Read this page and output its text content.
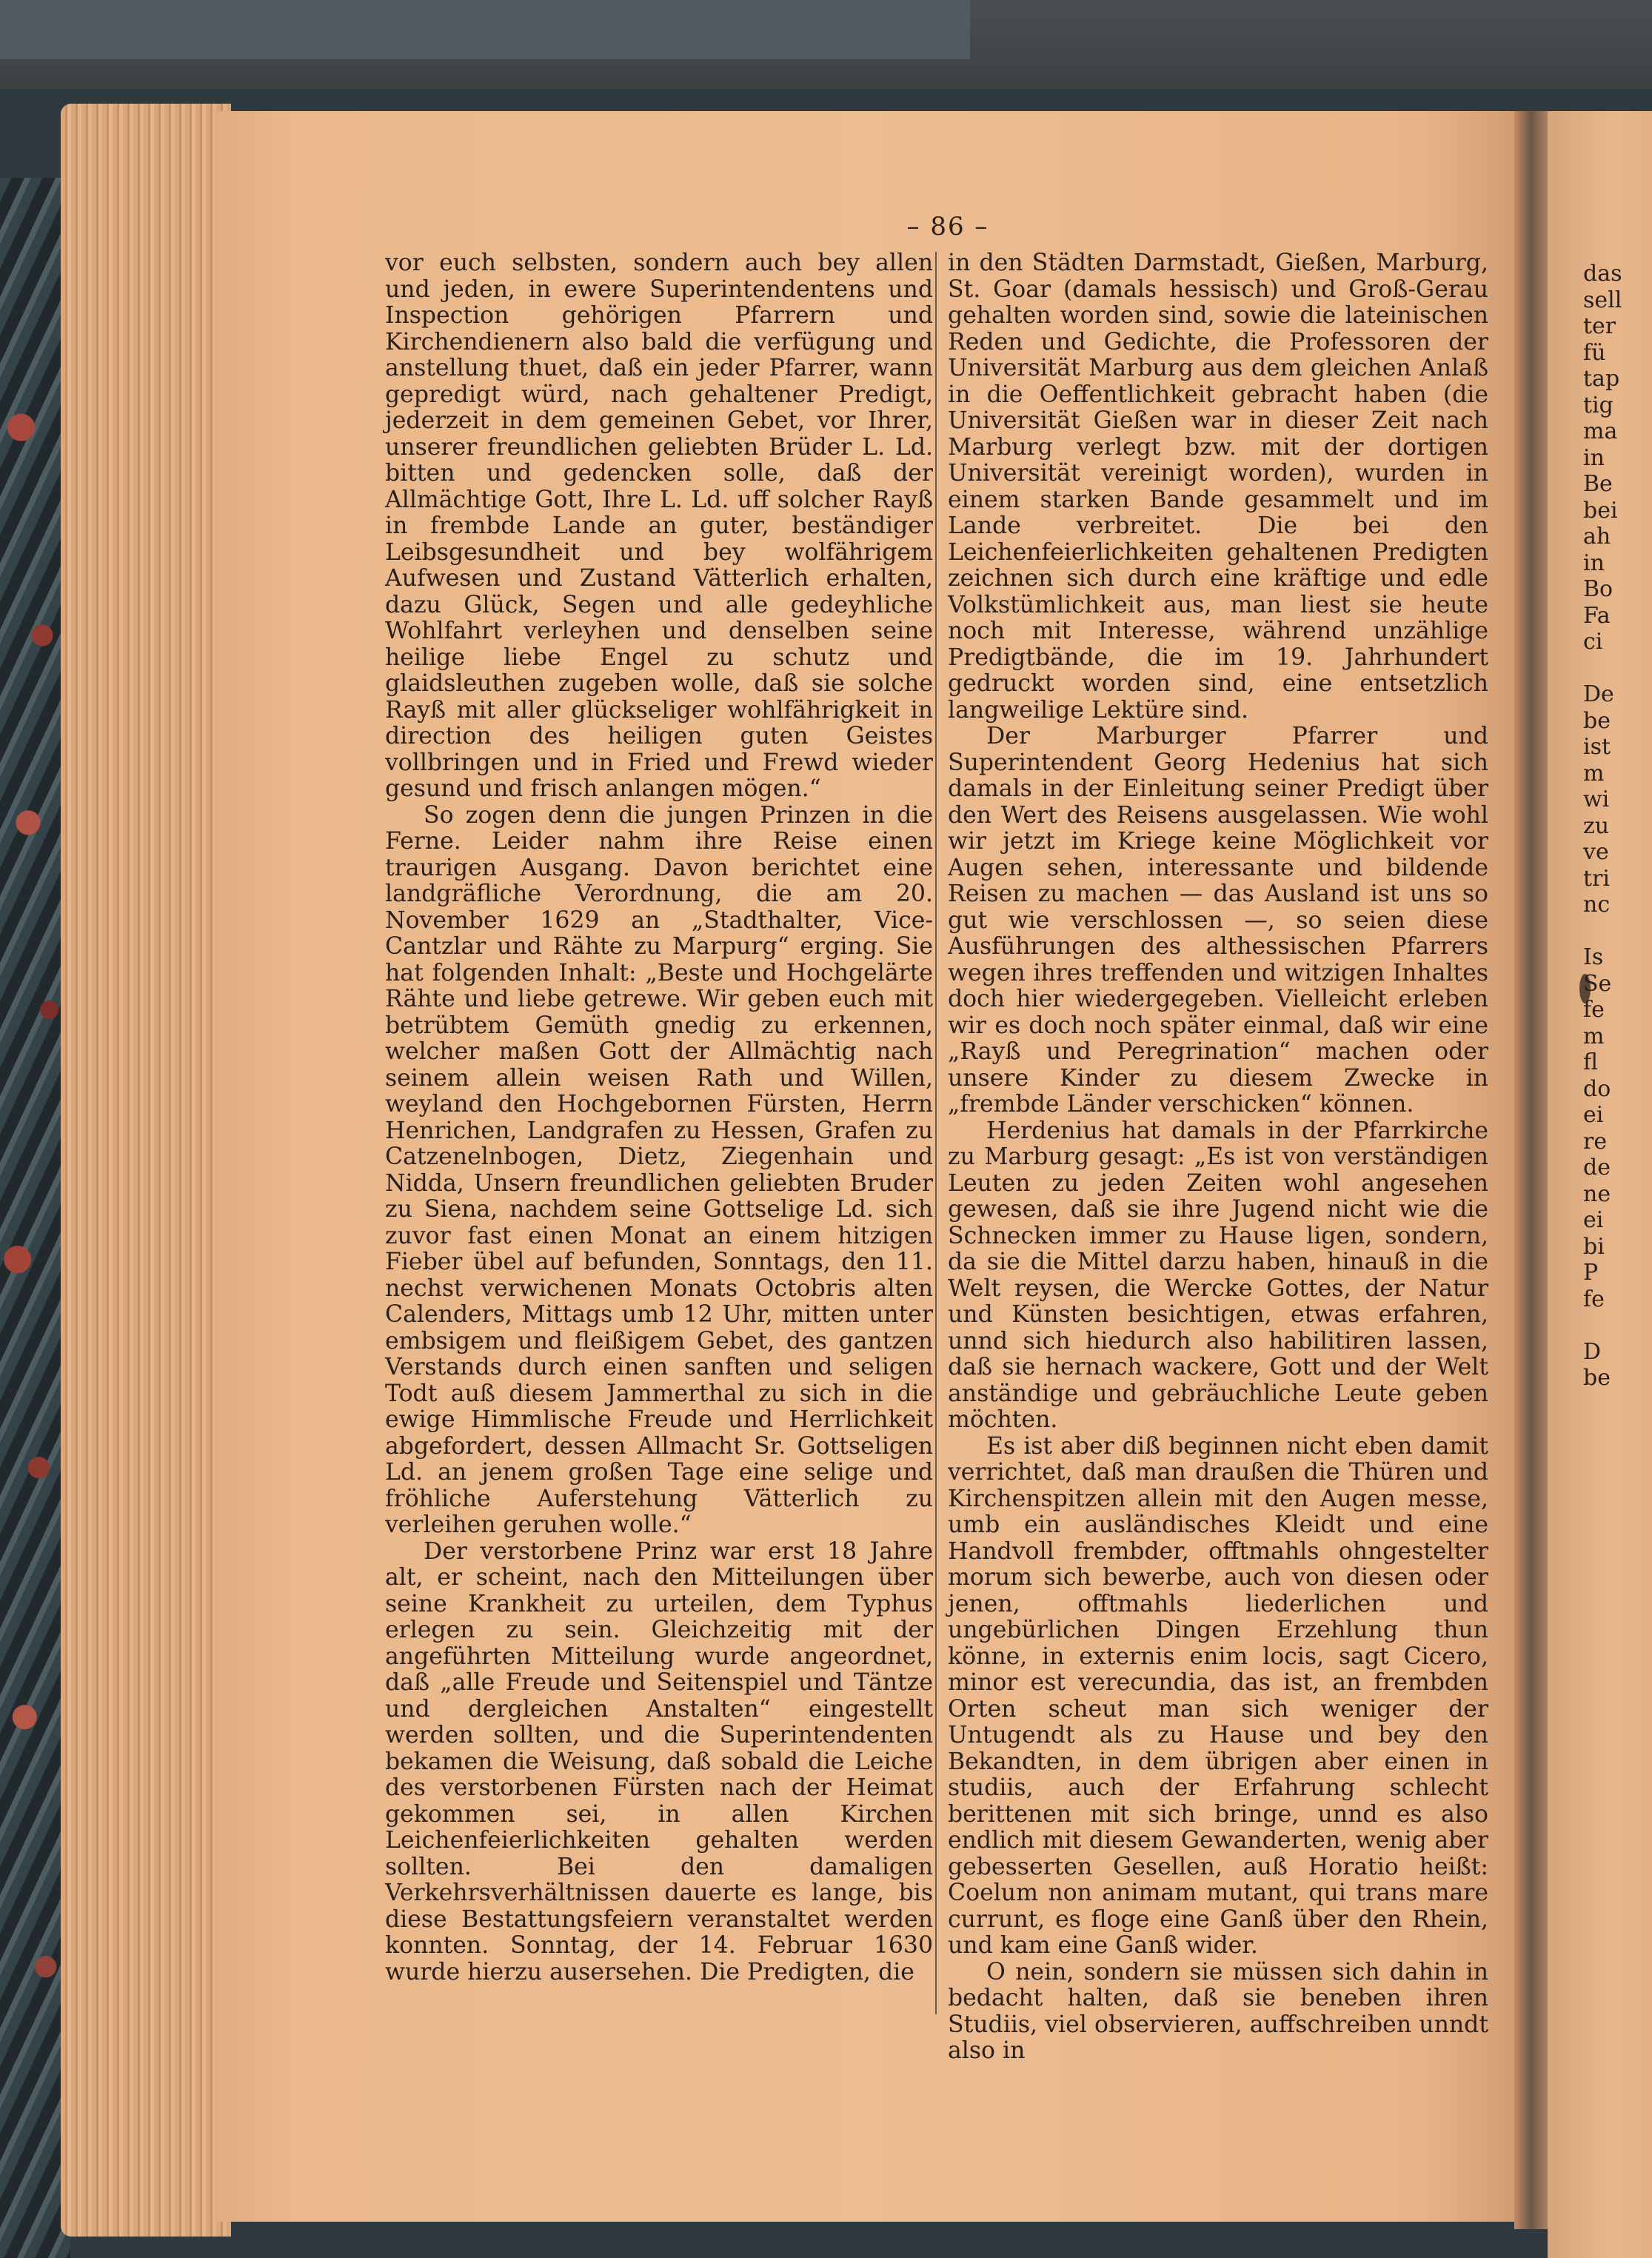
– 86 –

vor euch selbsten, sondern auch bey allen und jeden, in ewere Superintendentens und Inspection gehörigen Pfarrern und Kirchendienern also bald die verfügung und anstellung thuet, daß ein jeder Pfarrer, wann gepredigt würd, nach gehaltener Predigt, jederzeit in dem gemeinen Gebet, vor Ihrer, unserer freundlichen geliebten Brüder L. Ld. bitten und gedencken solle, daß der Allmächtige Gott, Ihre L. Ld. uff solcher Rayß in frembde Lande an guter, beständiger Leibsgesundheit und bey wolfährigem Aufwesen und Zustand Vätterlich erhalten, dazu Glück, Segen und alle gedeyhliche Wohlfahrt verleyhen und denselben seine heilige liebe Engel zu schutz und glaidsleuthen zugeben wolle, daß sie solche Rayß mit aller glückseliger wohlfährigkeit in direction des heiligen guten Geistes vollbringen und in Fried und Frewd wieder gesund und frisch anlangen mögen.“

So zogen denn die jungen Prinzen in die Ferne. Leider nahm ihre Reise einen traurigen Ausgang. Davon berichtet eine landgräfliche Verordnung, die am 20. November 1629 an „Stadthalter, Vice-Cantzlar und Rähte zu Marpurg“ erging. Sie hat folgenden Inhalt: „Beste und Hochgelärte Rähte und liebe getrewe. Wir geben euch mit betrübtem Gemüth gnedig zu erkennen, welcher maßen Gott der Allmächtig nach seinem allein weisen Rath und Willen, weyland den Hochgebornen Fürsten, Herrn Henrichen, Landgrafen zu Hessen, Grafen zu Catzenelnbogen, Dietz, Ziegenhain und Nidda, Unsern freundlichen geliebten Bruder zu Siena, nachdem seine Gottselige Ld. sich zuvor fast einen Monat an einem hitzigen Fieber übel auf befunden, Sonntags, den 11. nechst verwichenen Monats Octobris alten Calenders, Mittags umb 12 Uhr, mitten unter embsigem und fleißigem Gebet, des gantzen Verstands durch einen sanften und seligen Todt auß diesem Jammerthal zu sich in die ewige Himmlische Freude und Herrlichkeit abgefordert, dessen Allmacht Sr. Gottseligen Ld. an jenem großen Tage eine selige und fröhliche Auferstehung Vätterlich zu verleihen geruhen wolle.“

Der verstorbene Prinz war erst 18 Jahre alt, er scheint, nach den Mitteilungen über seine Krankheit zu urteilen, dem Typhus erlegen zu sein. Gleichzeitig mit der angeführten Mitteilung wurde angeordnet, daß „alle Freude und Seitenspiel und Täntze und dergleichen Anstalten“ eingestellt werden sollten, und die Superintendenten bekamen die Weisung, daß sobald die Leiche des verstorbenen Fürsten nach der Heimat gekommen sei, in allen Kirchen Leichenfeierlichkeiten gehalten werden sollten. Bei den damaligen Verkehrsverhältnissen dauerte es lange, bis diese Bestattungsfeiern veranstaltet werden konnten. Sonntag, der 14. Februar 1630 wurde hierzu ausersehen. Die Predigten, die

in den Städten Darmstadt, Gießen, Marburg, St. Goar (damals hessisch) und Groß-Gerau gehalten worden sind, sowie die lateinischen Reden und Gedichte, die Professoren der Universität Marburg aus dem gleichen Anlaß in die Oeffentlichkeit gebracht haben (die Universität Gießen war in dieser Zeit nach Marburg verlegt bzw. mit der dortigen Universität vereinigt worden), wurden in einem starken Bande gesammelt und im Lande verbreitet. Die bei den Leichenfeierlichkeiten gehaltenen Predigten zeichnen sich durch eine kräftige und edle Volkstümlichkeit aus, man liest sie heute noch mit Interesse, während unzählige Predigtbände, die im 19. Jahrhundert gedruckt worden sind, eine entsetzlich langweilige Lektüre sind.

Der Marburger Pfarrer und Superintendent Georg Hedenius hat sich damals in der Einleitung seiner Predigt über den Wert des Reisens ausgelassen. Wie wohl wir jetzt im Kriege keine Möglichkeit vor Augen sehen, interessante und bildende Reisen zu machen — das Ausland ist uns so gut wie verschlossen —, so seien diese Ausführungen des althessischen Pfarrers wegen ihres treffenden und witzigen Inhaltes doch hier wiedergegeben. Vielleicht erleben wir es doch noch später einmal, daß wir eine „Rayß und Peregrination“ machen oder unsere Kinder zu diesem Zwecke in „frembde Länder verschicken“ können.

Herdenius hat damals in der Pfarrkirche zu Marburg gesagt: „Es ist von verständigen Leuten zu jeden Zeiten wohl angesehen gewesen, daß sie ihre Jugend nicht wie die Schnecken immer zu Hause ligen, sondern, da sie die Mittel darzu haben, hinauß in die Welt reysen, die Wercke Gottes, der Natur und Künsten besichtigen, etwas erfahren, unnd sich hiedurch also habilitiren lassen, daß sie hernach wackere, Gott und der Welt anständige und gebräuchliche Leute geben möchten.

Es ist aber diß beginnen nicht eben damit verrichtet, daß man draußen die Thüren und Kirchenspitzen allein mit den Augen messe, umb ein ausländisches Kleidt und eine Handvoll frembder, offtmahls ohngestelter morum sich bewerbe, auch von diesen oder jenen, offtmahls liederlichen und ungebürlichen Dingen Erzehlung thun könne, in externis enim locis, sagt Cicero, minor est verecundia, das ist, an frembden Orten scheut man sich weniger der Untugendt als zu Hause und bey den Bekandten, in dem übrigen aber einen in studiis, auch der Erfahrung schlecht berittenen mit sich bringe, unnd es also endlich mit diesem Gewanderten, wenig aber gebesserten Gesellen, auß Horatio heißt: Coelum non animam mutant, qui trans mare currunt, es floge eine Ganß über den Rhein, und kam eine Ganß wider.

O nein, sondern sie müssen sich dahin in bedacht halten, daß sie beneben ihren Studiis, viel observieren, auffschreiben unndt also in

das
sell
ter
fü
tap
tig
ma
in
Be
bei
ah
in
Bo
Fa
ci

De
be
ist
m
wi
zu
ve
tri
nc

Is
Se
fe
m
fl
do
ei
re
de
ne
ei
bi
P
fe

D
be
